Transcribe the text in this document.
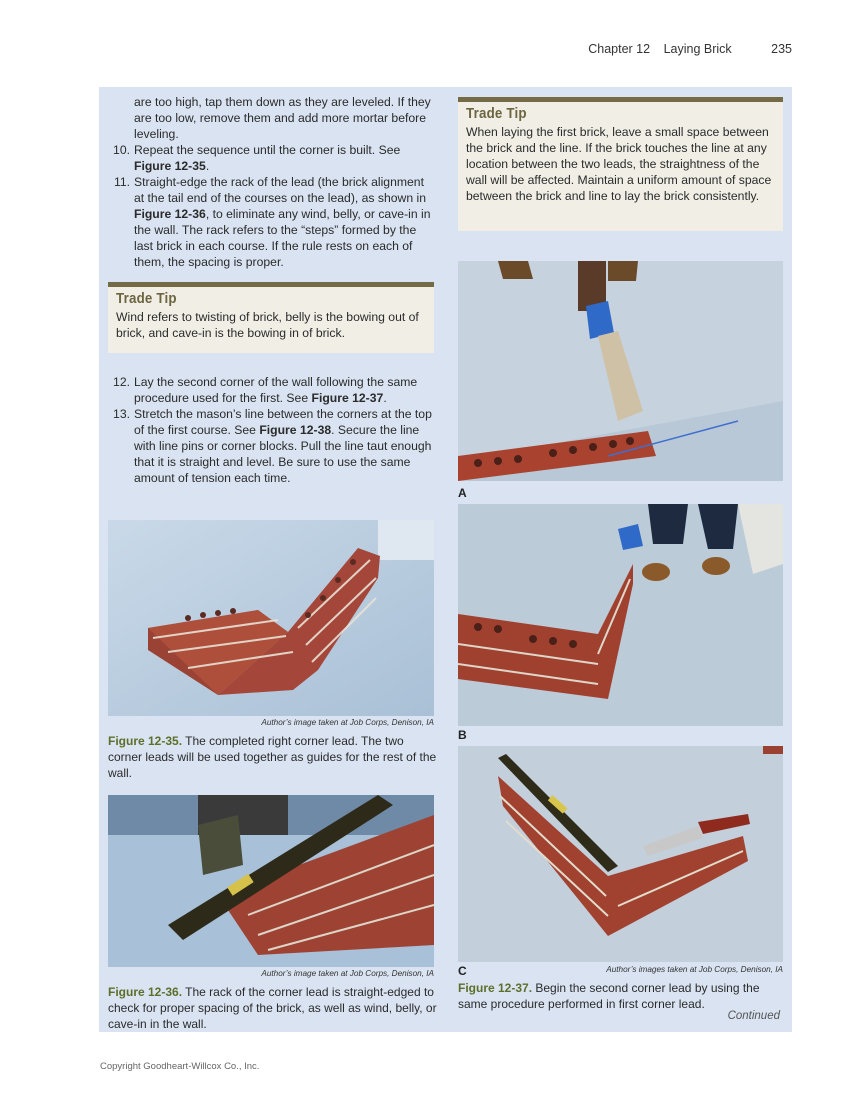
Chapter 12 Laying Brick	235
are too high, tap them down as they are leveled. If they are too low, remove them and add more mortar before leveling.
10. Repeat the sequence until the corner is built. See Figure 12-35.
11. Straight-edge the rack of the lead (the brick alignment at the tail end of the courses on the lead), as shown in Figure 12-36, to eliminate any wind, belly, or cave-in in the wall. The rack refers to the “steps” formed by the last brick in each course. If the rule rests on each of them, the spacing is proper.
Trade Tip
Wind refers to twisting of brick, belly is the bowing out of brick, and cave-in is the bowing in of brick.
12. Lay the second corner of the wall following the same procedure used for the first. See Figure 12-37.
13. Stretch the mason’s line between the corners at the top of the first course. See Figure 12-38. Secure the line with line pins or corner blocks. Pull the line taut enough that it is straight and level. Be sure to use the same amount of tension each time.
Trade Tip
When laying the first brick, leave a small space between the brick and the line. If the brick touches the line at any location between the two leads, the straightness of the wall will be affected. Maintain a uniform amount of space between the brick and line to lay the brick consistently.
Author’s image taken at Job Corps, Denison, IA
Figure 12-35. The completed right corner lead. The two corner leads will be used together as guides for the rest of the wall.
Author’s image taken at Job Corps, Denison, IA
Figure 12-36. The rack of the corner lead is straight-edged to check for proper spacing of the brick, as well as wind, belly, or cave-in in the wall.
A
B
C	Author’s images taken at Job Corps, Denison, IA
Figure 12-37. Begin the second corner lead by using the same procedure performed in first corner lead.
Continued
Copyright Goodheart-Willcox Co., Inc.
